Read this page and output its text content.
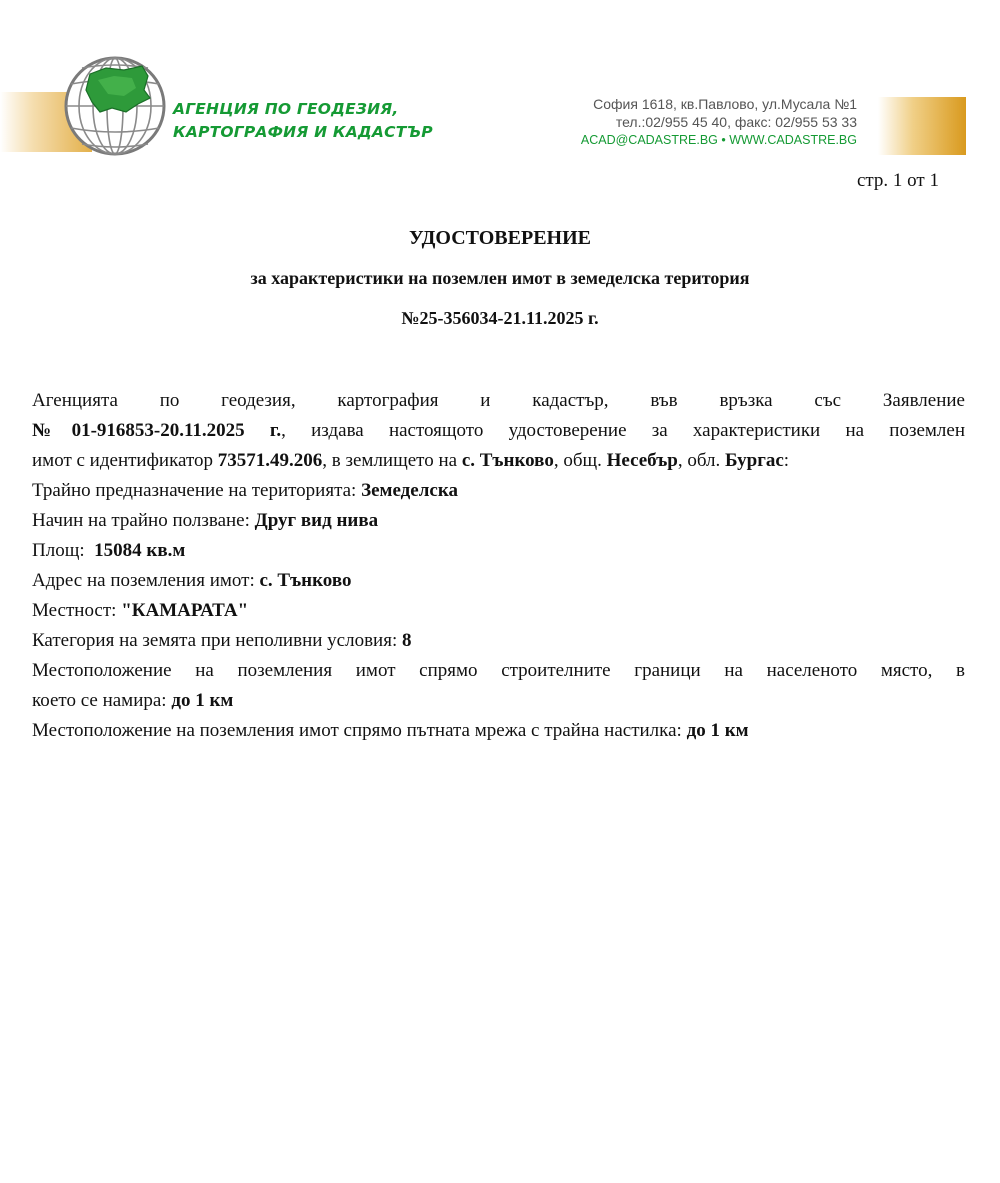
АГЕНЦИЯ ПО ГЕОДЕЗИЯ,
КАРТОГРАФИЯ И КАДАСТЪР
София 1618, кв.Павлово, ул.Мусала №1
тел.:02/955 45 40, факс: 02/955 53 33
ACAD@CADASTRE.BG • WWW.CADASTRE.BG
стр. 1 от 1
УДОСТОВЕРЕНИЕ
за характеристики на поземлен имот в земеделска територия
№25-356034-21.11.2025 г.
Агенцията по геодезия, картография и кадастър, във връзка със Заявление
№01-916853-20.11.2025 г., издава настоящото удостоверение за характеристики на поземлен
имот с идентификатор 73571.49.206, в землището на с. Тънково, общ. Несебър, обл. Бургас:
Трайно предназначение на територията: Земеделска
Начин на трайно ползване: Друг вид нива
Площ:  15084 кв.м
Адрес на поземления имот: с. Тънково
Местност: "КАМАРАТА"
Категория на земята при неполивни условия: 8
Местоположение на поземления имот спрямо строителните граници на населеното място, в
което се намира: до 1 км
Местоположение на поземления имот спрямо пътната мрежа с трайна настилка: до 1 км
